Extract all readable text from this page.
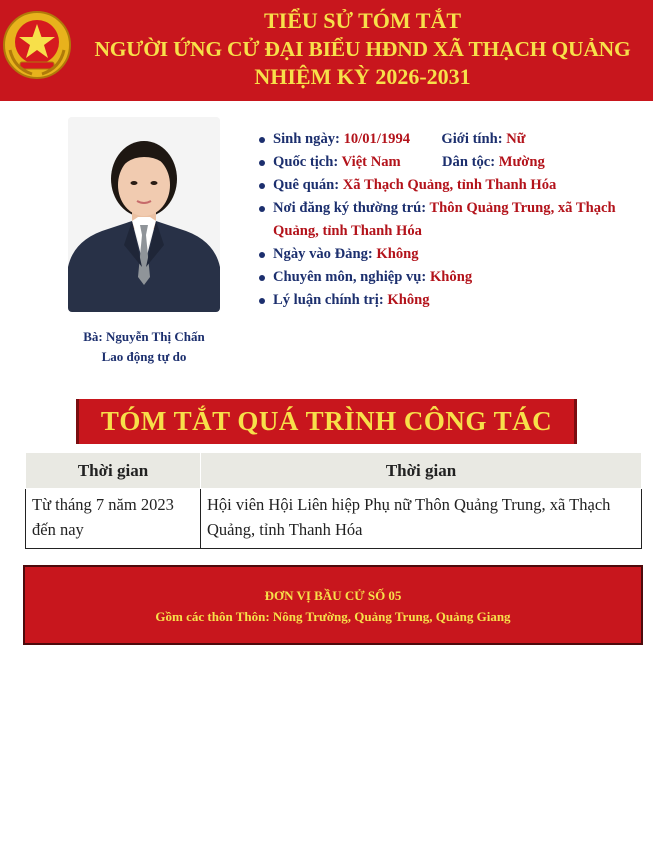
TIỂU SỬ TÓM TẮT
NGƯỜI ỨNG CỬ ĐẠI BIỂU HĐND XÃ THẠCH QUẢNG
NHIỆM KỲ 2026-2031
Bà: Nguyễn Thị Chấn
Lao động tự do
Sinh ngày: 10/01/1994 Giới tính: Nữ
Quốc tịch: Việt Nam	Dân tộc: Mường
Quê quán: Xã Thạch Quảng, tỉnh Thanh Hóa
Nơi đăng ký thường trú: Thôn Quảng Trung, xã Thạch Quảng, tỉnh Thanh Hóa
Ngày vào Đảng: Không
Chuyên môn, nghiệp vụ: Không
Lý luận chính trị: Không
TÓM TẮT QUÁ TRÌNH CÔNG TÁC
Thời gian	Thời gian
Từ tháng 7 năm 2023 đến nay	Hội viên Hội Liên hiệp Phụ nữ Thôn Quảng Trung, xã Thạch Quảng, tỉnh Thanh Hóa
ĐƠN VỊ BẦU CỬ SỐ 05
Gồm các thôn Thôn: Nông Trường, Quảng Trung, Quảng Giang
